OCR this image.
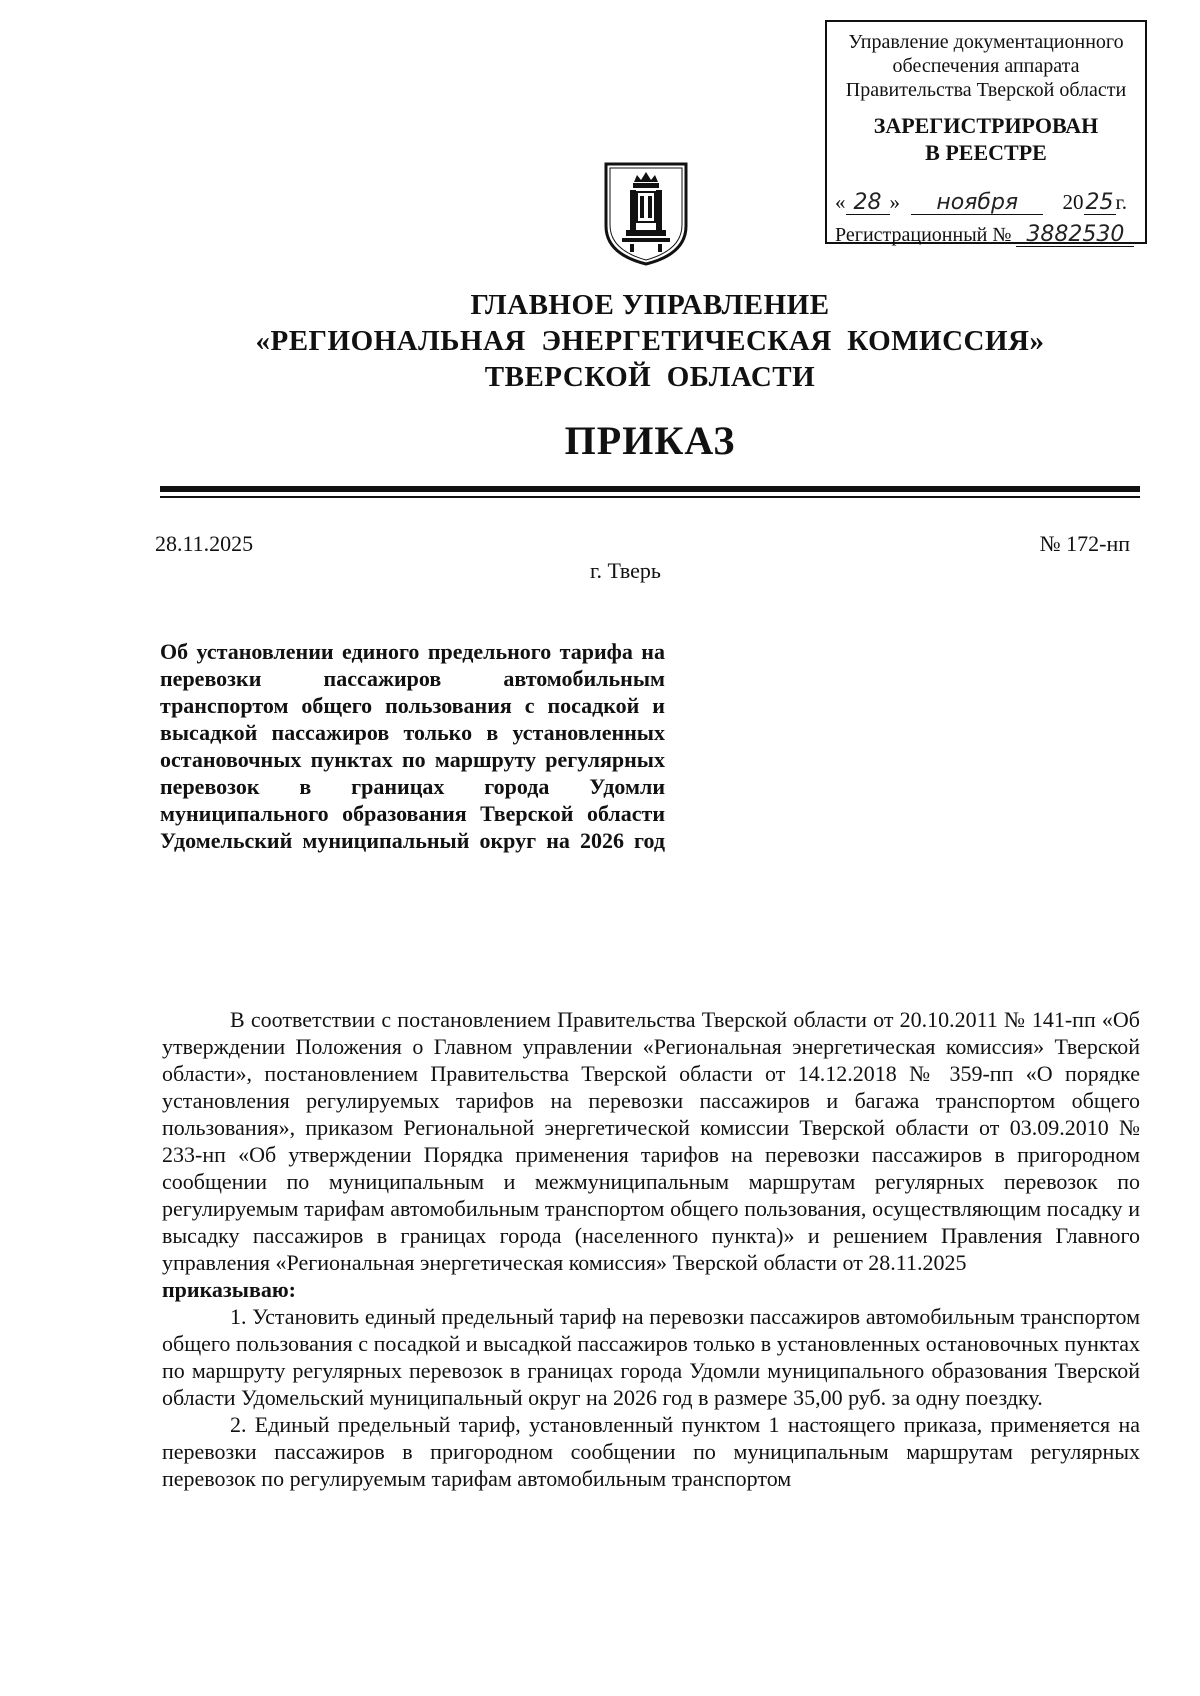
Управление документационного
обеспечения аппарата
Правительства Тверской области
ЗАРЕГИСТРИРОВАН
В РЕЕСТРЕ
« 28 » ноября 2025г.
Регистрационный № 3882530
ГЛАВНОЕ УПРАВЛЕНИЕ
«РЕГИОНАЛЬНАЯ  ЭНЕРГЕТИЧЕСКАЯ  КОМИССИЯ»
ТВЕРСКОЙ  ОБЛАСТИ
ПРИКАЗ
28.11.2025	№ 172-нп
г. Тверь
Об установлении единого предельного тарифа на перевозки пассажиров автомобильным транспортом общего пользования с посадкой и высадкой пассажиров только в установленных остановочных пунктах по маршруту регулярных перевозок в границах города Удомли муниципального образования Тверской области Удомельский муниципальный округ на 2026 год

В соответствии с постановлением Правительства Тверской области от 20.10.2011 № 141-пп «Об утверждении Положения о Главном управлении «Региональная энергетическая комиссия» Тверской области», постановлением Правительства Тверской области от 14.12.2018 № 359-пп «О порядке установления регулируемых тарифов на перевозки пассажиров и багажа транспортом общего пользования», приказом Региональной энергетической комиссии Тверской области от 03.09.2010 № 233-нп «Об утверждении Порядка применения тарифов на перевозки пассажиров в пригородном сообщении по муниципальным и межмуниципальным маршрутам регулярных перевозок по регулируемым тарифам автомобильным транспортом общего пользования, осуществляющим посадку и высадку пассажиров в границах города (населенного пункта)» и решением Правления Главного управления «Региональная энергетическая комиссия» Тверской области от 28.11.2025

приказываю:

1. Установить единый предельный тариф на перевозки пассажиров автомобильным транспортом общего пользования с посадкой и высадкой пассажиров только в установленных остановочных пунктах по маршруту регулярных перевозок в границах города Удомли муниципального образования Тверской области Удомельский муниципальный округ на 2026 год в размере 35,00 руб. за одну поездку.

2. Единый предельный тариф, установленный пунктом 1 настоящего приказа, применяется на перевозки пассажиров в пригородном сообщении по муниципальным маршрутам регулярных перевозок по регулируемым тарифам автомобильным транспортом
